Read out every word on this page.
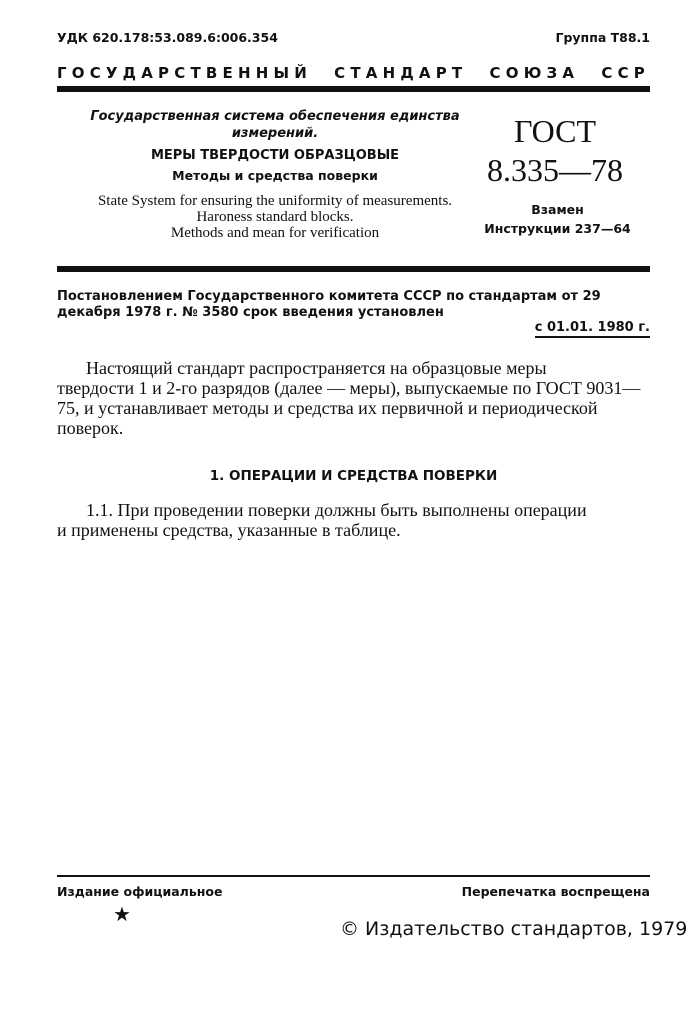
УДК 620.178:53.089.6:006.354	Группа Т88.1
ГОСУДАРСТВЕННЫЙ СТАНДАРТ СОЮЗА ССР
Государственная система обеспечения единства измерений.
МЕРЫ ТВЕРДОСТИ ОБРАЗЦОВЫЕ
Методы и средства поверки
State System for ensuring the uniformity of measurements.
Haroness standard blocks.
Methods and mean for verification
ГОСТ
8.335—78
Взамен
Инструкции 237—64
Постановлением Государственного комитета СССР по стандартам от 29 декабря 1978 г. № 3580 срок введения установлен
с 01.01. 1980 г.
Настоящий стандарт распространяется на образцовые меры
твердости 1 и 2-го разрядов (далее — меры), выпускаемые по ГОСТ 9031—75, и устанавливает методы и средства их первичной и периодической поверок.
1. ОПЕРАЦИИ И СРЕДСТВА ПОВЕРКИ
1.1. При проведении поверки должны быть выполнены операции
и применены средства, указанные в таблице.
Издание официальное	Перепечатка воспрещена
★
© Издательство стандартов, 1979
